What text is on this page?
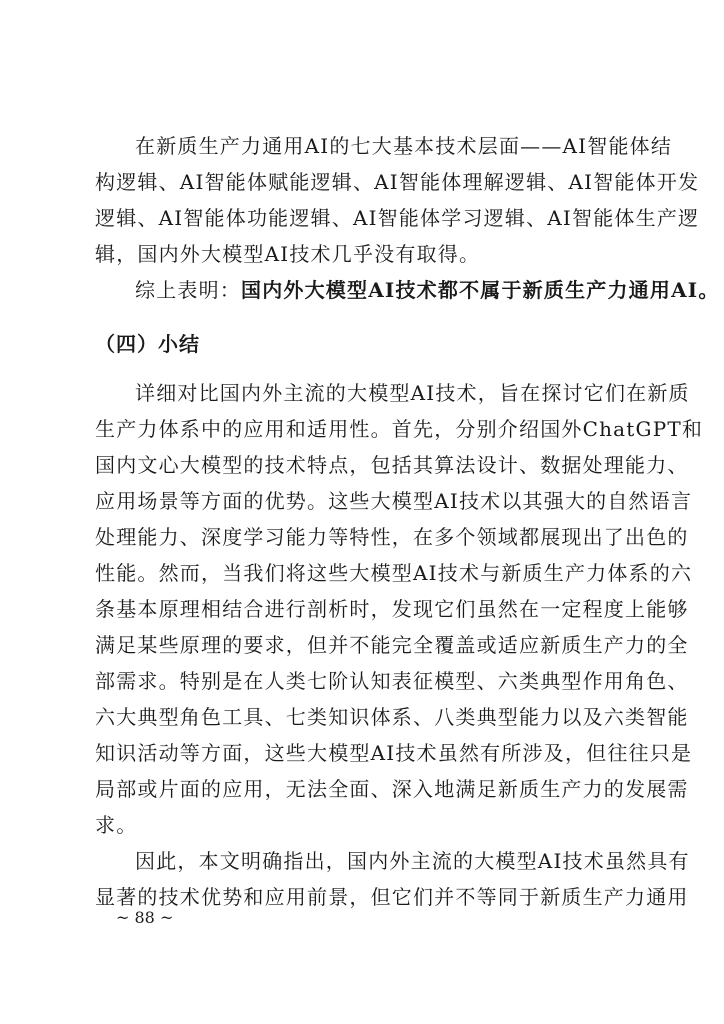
在新质生产力通用AI的七大基本技术层面——AI智能体结
构逻辑、AI智能体赋能逻辑、AI智能体理解逻辑、AI智能体开发
逻辑、AI智能体功能逻辑、AI智能体学习逻辑、AI智能体生产逻
辑，国内外大模型AI技术几乎没有取得。
综上表明：国内外大模型AI技术都不属于新质生产力通用AI。
（四）小结
详细对比国内外主流的大模型AI技术，旨在探讨它们在新质
生产力体系中的应用和适用性。首先，分别介绍国外ChatGPT和
国内文心大模型的技术特点，包括其算法设计、数据处理能力、
应用场景等方面的优势。这些大模型AI技术以其强大的自然语言
处理能力、深度学习能力等特性，在多个领域都展现出了出色的
性能。然而，当我们将这些大模型AI技术与新质生产力体系的六
条基本原理相结合进行剖析时，发现它们虽然在一定程度上能够
满足某些原理的要求，但并不能完全覆盖或适应新质生产力的全
部需求。特别是在人类七阶认知表征模型、六类典型作用角色、
六大典型角色工具、七类知识体系、八类典型能力以及六类智能
知识活动等方面，这些大模型AI技术虽然有所涉及，但往往只是
局部或片面的应用，无法全面、深入地满足新质生产力的发展需
求。
因此，本文明确指出，国内外主流的大模型AI技术虽然具有
显著的技术优势和应用前景，但它们并不等同于新质生产力通用
~ 88 ~
